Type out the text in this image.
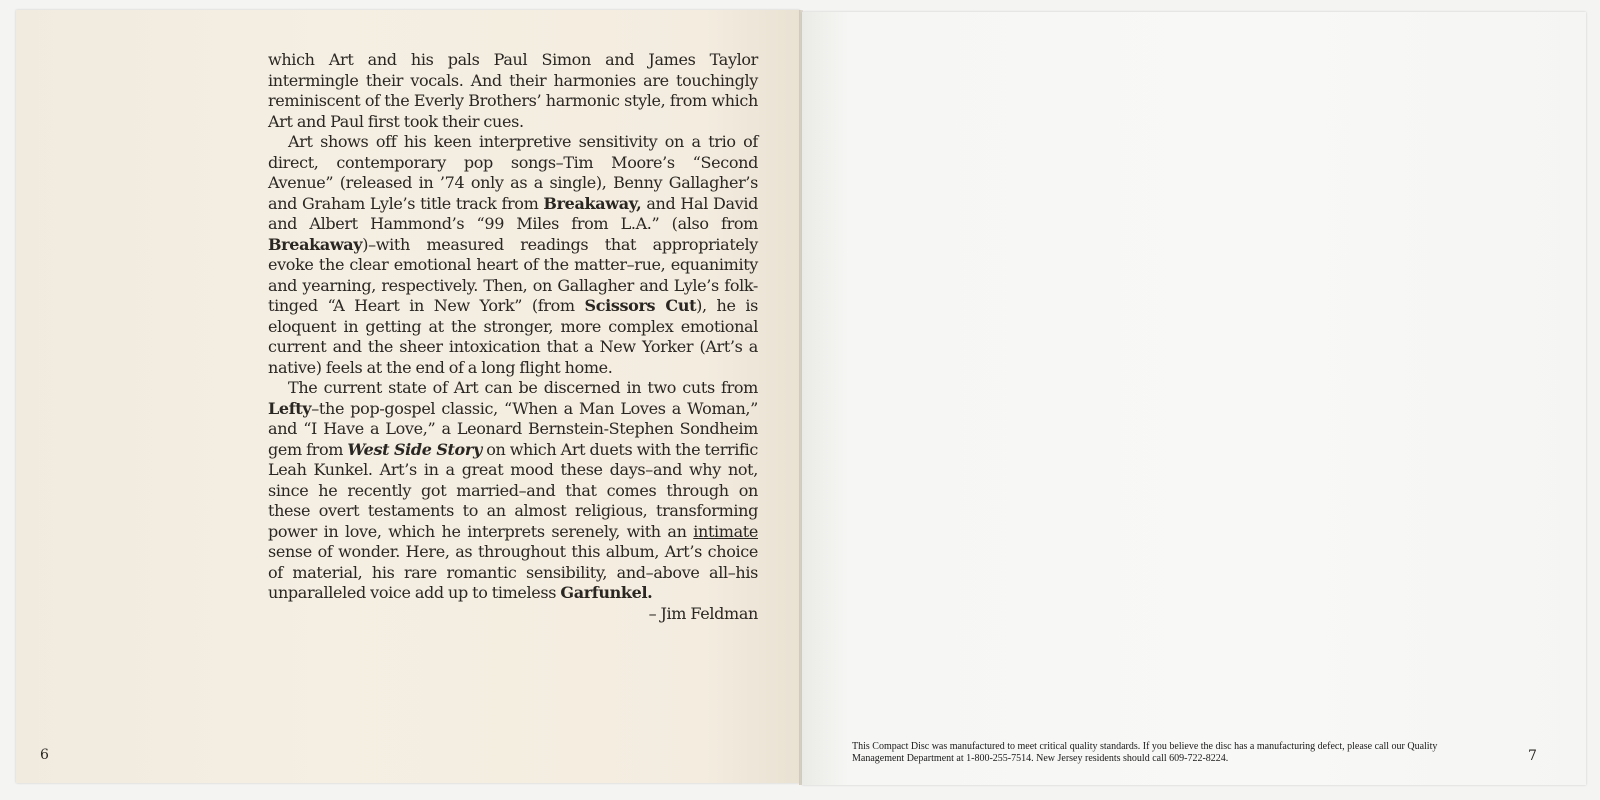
which Art and his pals Paul Simon and James Taylor intermingle their vocals. And their harmonies are touchingly reminiscent of the Everly Brothers’ harmonic style, from which Art and Paul first took their cues.

Art shows off his keen interpretive sensitivity on a trio of direct, contemporary pop songs–Tim Moore’s “Second Avenue” (released in ’74 only as a single), Benny Gallagher’s and Graham Lyle’s title track from Breakaway, and Hal David and Albert Hammond’s “99 Miles from L.A.” (also from Breakaway)–with measured readings that appropriately evoke the clear emotional heart of the matter–rue, equanimity and yearning, respectively. Then, on Gallagher and Lyle’s folk-tinged “A Heart in New York” (from Scissors Cut), he is eloquent in getting at the stronger, more complex emotional current and the sheer intoxication that a New Yorker (Art’s a native) feels at the end of a long flight home.

The current state of Art can be discerned in two cuts from Lefty–the pop-gospel classic, “When a Man Loves a Woman,” and “I Have a Love,” a Leonard Bernstein-Stephen Sondheim gem from West Side Story on which Art duets with the terrific Leah Kunkel. Art’s in a great mood these days–and why not, since he recently got married–and that comes through on these overt testaments to an almost religious, transforming power in love, which he interprets serenely, with an intimate sense of wonder. Here, as throughout this album, Art’s choice of material, his rare romantic sensibility, and–above all–his unparalleled voice add up to timeless Garfunkel.

– Jim Feldman
6
This Compact Disc was manufactured to meet critical quality standards. If you believe the disc has a manufacturing defect, please call our Quality Management Department at 1-800-255-7514. New Jersey residents should call 609-722-8224.	7
